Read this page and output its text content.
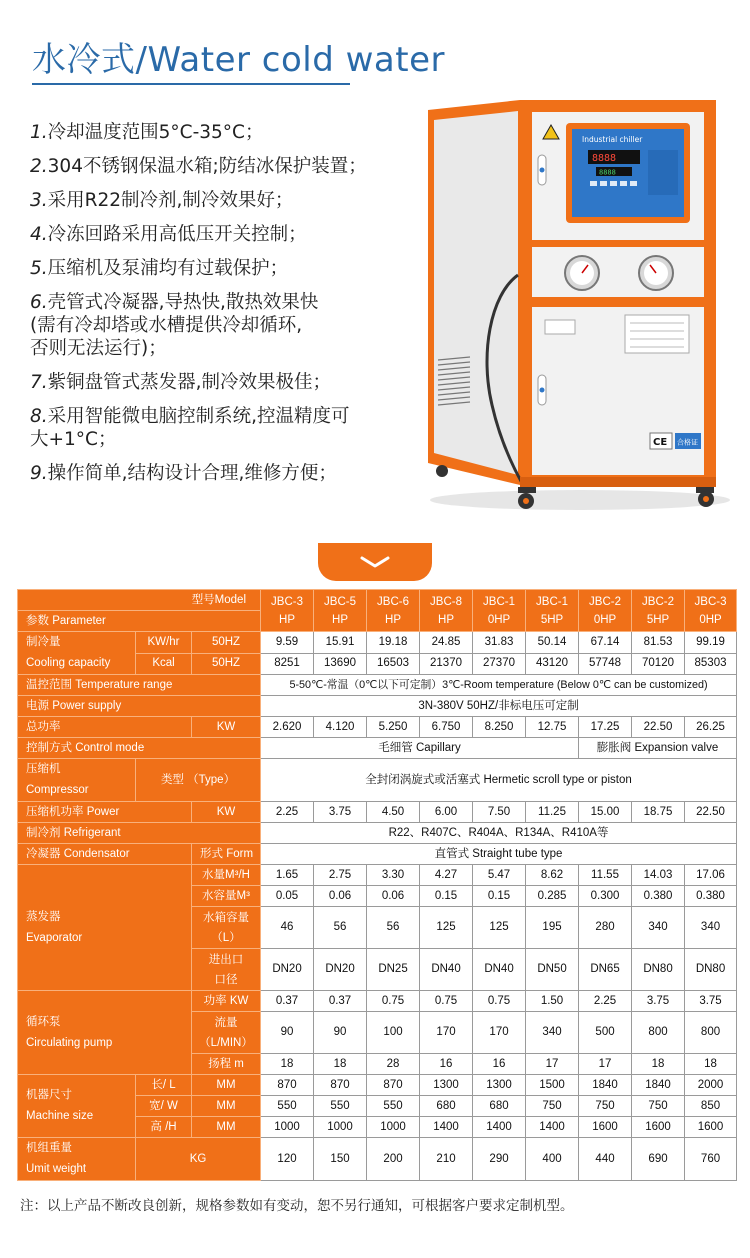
水冷式/Water cold water
1.冷却温度范围5°C-35°C；
2.304不锈钢保温水箱;防结冰保护装置；
3.采用R22制冷剂,制冷效果好；
4.冷冻回路采用高低压开关控制；
5.压缩机及泵浦均有过载保护；
6.壳管式冷凝器,导热快,散热效果快
(需有冷却塔或水槽提供冷却循环,
否则无法运行)；
7.紫铜盘管式蒸发器,制冷效果极佳；
8.采用智能微电脑控制系统,控温精度可
大+1°C；
9.操作简单,结构设计合理,维修方便；
Industrial chiller
8888
8888
CE 合格证
型号Model			JBC-3HP	JBC-5HP	JBC-6HP	JBC-8HP	JBC-10HP	JBC-15HP	JBC-20HP	JBC-25HP	JBC-30HP
参数 Parameter											

制冷量
Cooling capacity	KW/hr	50HZ	9.59	15.91	19.18	24.85	31.83	50.14	67.14	81.53	99.19
	Kcal	50HZ	8251	13690	16503	21370	27370	43120	57748	70120	85303
温控范围 Temperature range			5-50℃-常温（0℃以下可定制）3℃-Room temperature (Below 0℃ can be customized)								
电源 Power supply			3N-380V 50HZ/非标电压可定制								
总功率		KW	2.620	4.120	5.250	6.750	8.250	12.75	17.25	22.50	26.25
控制方式 Control mode			毛细管 Capillary						膨胀阀 Expansion valve		

压缩机
Compressor	类型 （Type）		全封闭涡旋式或活塞式 Hermetic scroll type or piston								
压缩机功率 Power		KW	2.25	3.75	4.50	6.00	7.50	11.25	15.00	18.75	22.50
制冷剂 Refrigerant			R22、R407C、R404A、R134A、R410A等								
冷凝器 Condensator		形式 Form	直管式 Straight tube type								

蒸发器
Evaporator		水量M³/H	1.65	2.75	3.30	4.27	5.47	8.62	11.55	14.03	17.06
		水容量M³	0.05	0.06	0.06	0.15	0.15	0.285	0.300	0.380	0.380

		水箱容量
（L）	46	56	56	125	125	195	280	340	340

		进出口
口径	DN20	DN20	DN25	DN40	DN40	DN50	DN65	DN80	DN80

循环泵
Circulating pump		功率 KW	0.37	0.37	0.75	0.75	0.75	1.50	2.25	3.75	3.75

		流量
（L/MIN）	90	90	100	170	170	340	500	800	800
		扬程 m	18	18	28	16	16	17	17	18	18

机器尺寸
Machine size	长/ L	MM	870	870	870	1300	1300	1500	1840	1840	2000
	宽/ W	MM	550	550	550	680	680	750	750	750	850
	高 /H	MM	1000	1000	1000	1400	1400	1400	1600	1600	1600

机组重量
Umit weight	KG		120	150	200	210	290	400	440	690	760
注：以上产品不断改良创新，规格参数如有变动，恕不另行通知，可根据客户要求定制机型。
